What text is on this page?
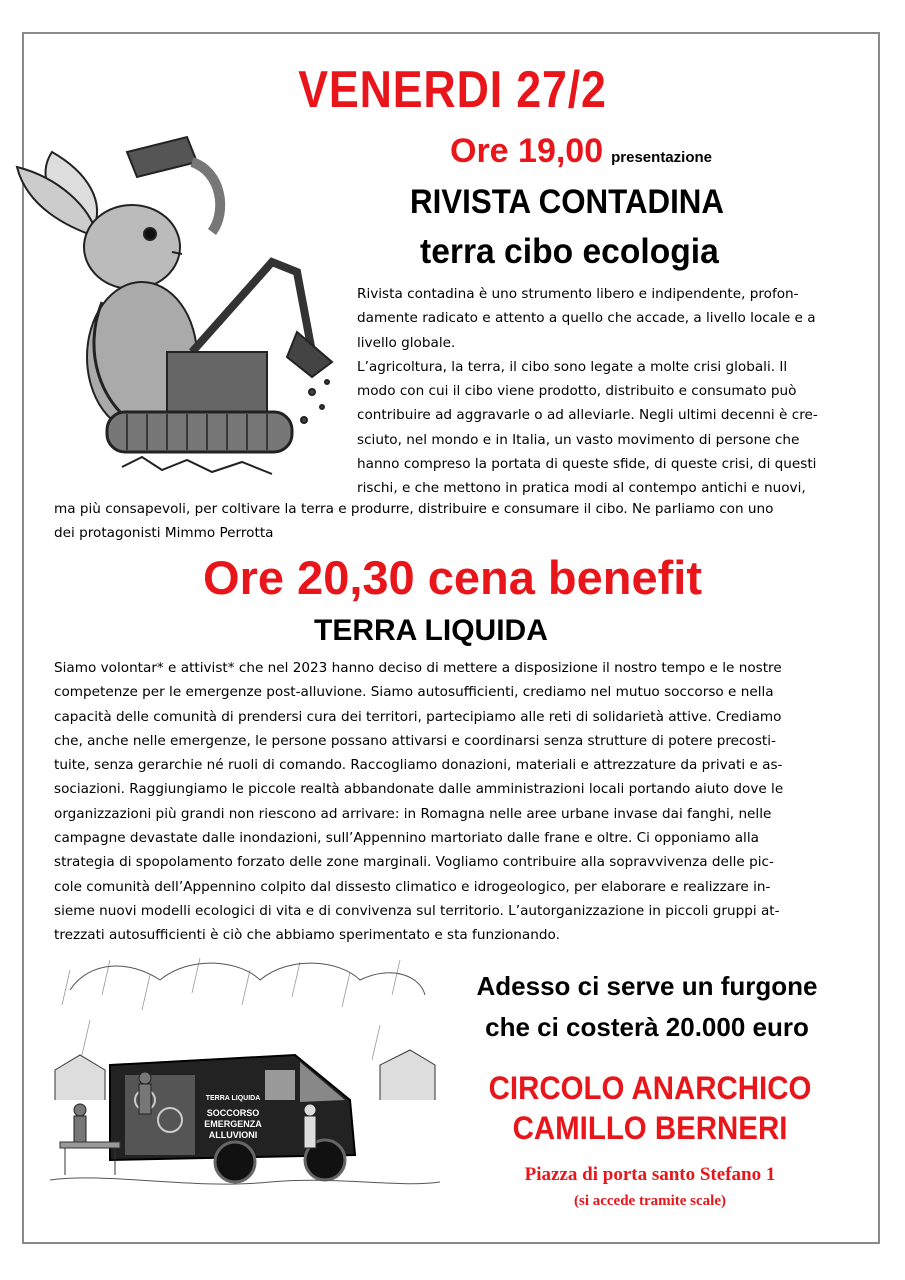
VENERDI 27/2
Ore 19,00 presentazione
RIVISTA CONTADINA
terra cibo ecologia
Rivista contadina è uno strumento libero e indipendente, profon-
damente radicato e attento a quello che accade, a livello locale e a
livello globale.
L’agricoltura, la terra, il cibo sono legate a molte crisi globali. Il
modo con cui il cibo viene prodotto, distribuito e consumato può
contribuire ad aggravarle o ad alleviarle. Negli ultimi decenni è cre-
sciuto, nel mondo e in Italia, un vasto movimento di persone che
hanno compreso la portata di queste sfide, di queste crisi, di questi
rischi, e che mettono in pratica modi al contempo antichi e nuovi,
ma più consapevoli, per coltivare la terra e produrre, distribuire e consumare il cibo. Ne parliamo con uno
dei protagonisti Mimmo Perrotta
Ore 20,30 cena benefit
TERRA LIQUIDA
Siamo volontar* e attivist* che nel 2023 hanno deciso di mettere a disposizione il nostro tempo e le nostre
competenze per le emergenze post-alluvione. Siamo autosufficienti, crediamo nel mutuo soccorso e nella
capacità delle comunità di prendersi cura dei territori, partecipiamo alle reti di solidarietà attive. Crediamo
che, anche nelle emergenze, le persone possano attivarsi e coordinarsi senza strutture di potere precosti-
tuite, senza gerarchie né ruoli di comando. Raccogliamo donazioni, materiali e attrezzature da privati e as-
sociazioni. Raggiungiamo le piccole realtà abbandonate dalle amministrazioni locali portando aiuto dove le
organizzazioni più grandi non riescono ad arrivare: in Romagna nelle aree urbane invase dai fanghi, nelle
campagne devastate dalle inondazioni, sull’Appennino martoriato dalle frane e oltre. Ci opponiamo alla
strategia di spopolamento forzato delle zone marginali. Vogliamo contribuire alla sopravvivenza delle pic-
cole comunità dell’Appennino colpito dal dissesto climatico e idrogeologico, per elaborare e realizzare in-
sieme nuovi modelli ecologici di vita e di convivenza sul territorio. L’autorganizzazione in piccoli gruppi at-
trezzati autosufficienti è ciò che abbiamo sperimentato e sta funzionando.
TERRA LIQUIDA
SOCCORSO
EMERGENZA
ALLUVIONI
Adesso ci serve un furgone
che ci costerà 20.000 euro
CIRCOLO ANARCHICO
CAMILLO BERNERI
Piazza di porta santo Stefano 1
(si accede tramite scale)
